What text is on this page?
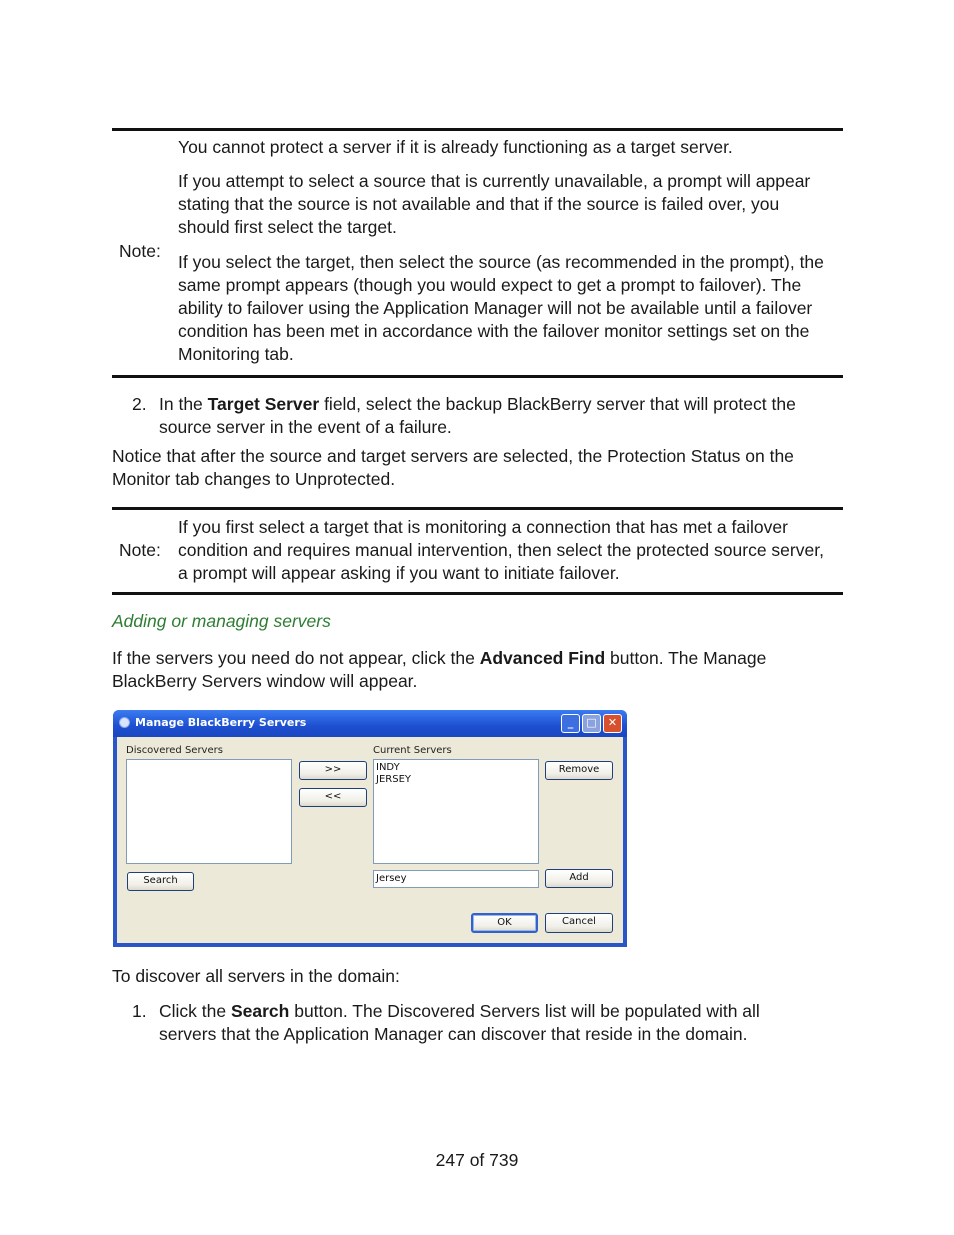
Note:

You cannot protect a server if it is already functioning as a target server.

If you attempt to select a source that is currently unavailable, a prompt will appear stating that the source is not available and that if the source is failed over, you should first select the target.

If you select the target, then select the source (as recommended in the prompt), the same prompt appears (though you would expect to get a prompt to failover). The ability to failover using the Application Manager will not be available until a failover condition has been met in accordance with the failover monitor settings set on the Monitoring tab.

2. In the Target Server field, select the backup BlackBerry server that will protect the source server in the event of a failure.
Notice that after the source and target servers are selected, the Protection Status on the Monitor tab changes to Unprotected.
Note:

If you first select a target that is monitoring a connection that has met a failover condition and requires manual intervention, then select the protected source server, a prompt will appear asking if you want to initiate failover.

Adding or managing servers
If the servers you need do not appear, click the Advanced Find button. The Manage BlackBerry Servers window will appear.
Manage BlackBerry Servers	_	□	✕
Discovered Servers
>>
<<
Current Servers
INDY
JERSEY
Remove
Search	Jersey	Add
OK	Cancel
To discover all servers in the domain:
1. Click the Search button. The Discovered Servers list will be populated with all servers that the Application Manager can discover that reside in the domain.
247 of 739
